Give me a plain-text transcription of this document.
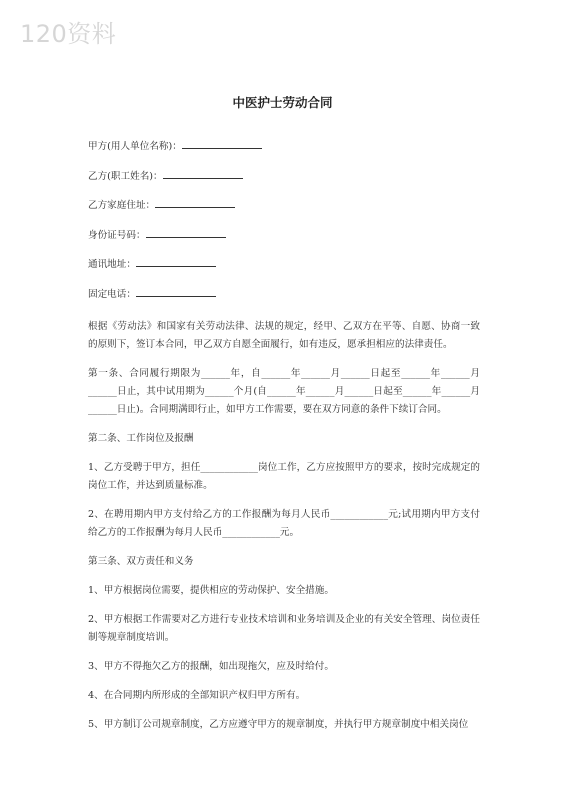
120资料
中医护士劳动合同
甲方(用人单位名称)：
乙方(职工姓名)：
乙方家庭住址：
身份证号码：
通讯地址：
固定电话：

根据《劳动法》和国家有关劳动法律、法规的规定，经甲、乙双方在平等、自愿、协商一致的原则下，签订本合同，甲乙双方自愿全面履行，如有违反，愿承担相应的法律责任。

第一条、合同履行期限为______年，自______年______月______日起至______年______月______日止，其中试用期为______个月(自______年______月______日起至______年______月______日止)。合同期满即行止，如甲方工作需要，要在双方同意的条件下续订合同。

第二条、工作岗位及报酬

1、乙方受聘于甲方，担任____________岗位工作，乙方应按照甲方的要求，按时完成规定的岗位工作，并达到质量标准。

2、在聘用期内甲方支付给乙方的工作报酬为每月人民币____________元;试用期内甲方支付给乙方的工作报酬为每月人民币____________元。

第三条、双方责任和义务

1、甲方根据岗位需要，提供相应的劳动保护、安全措施。

2、甲方根据工作需要对乙方进行专业技术培训和业务培训及企业的有关安全管理、岗位责任制等规章制度培训。

3、甲方不得拖欠乙方的报酬，如出现拖欠，应及时给付。

4、在合同期内所形成的全部知识产权归甲方所有。

5、甲方制订公司规章制度，乙方应遵守甲方的规章制度，并执行甲方规章制度中相关岗位
